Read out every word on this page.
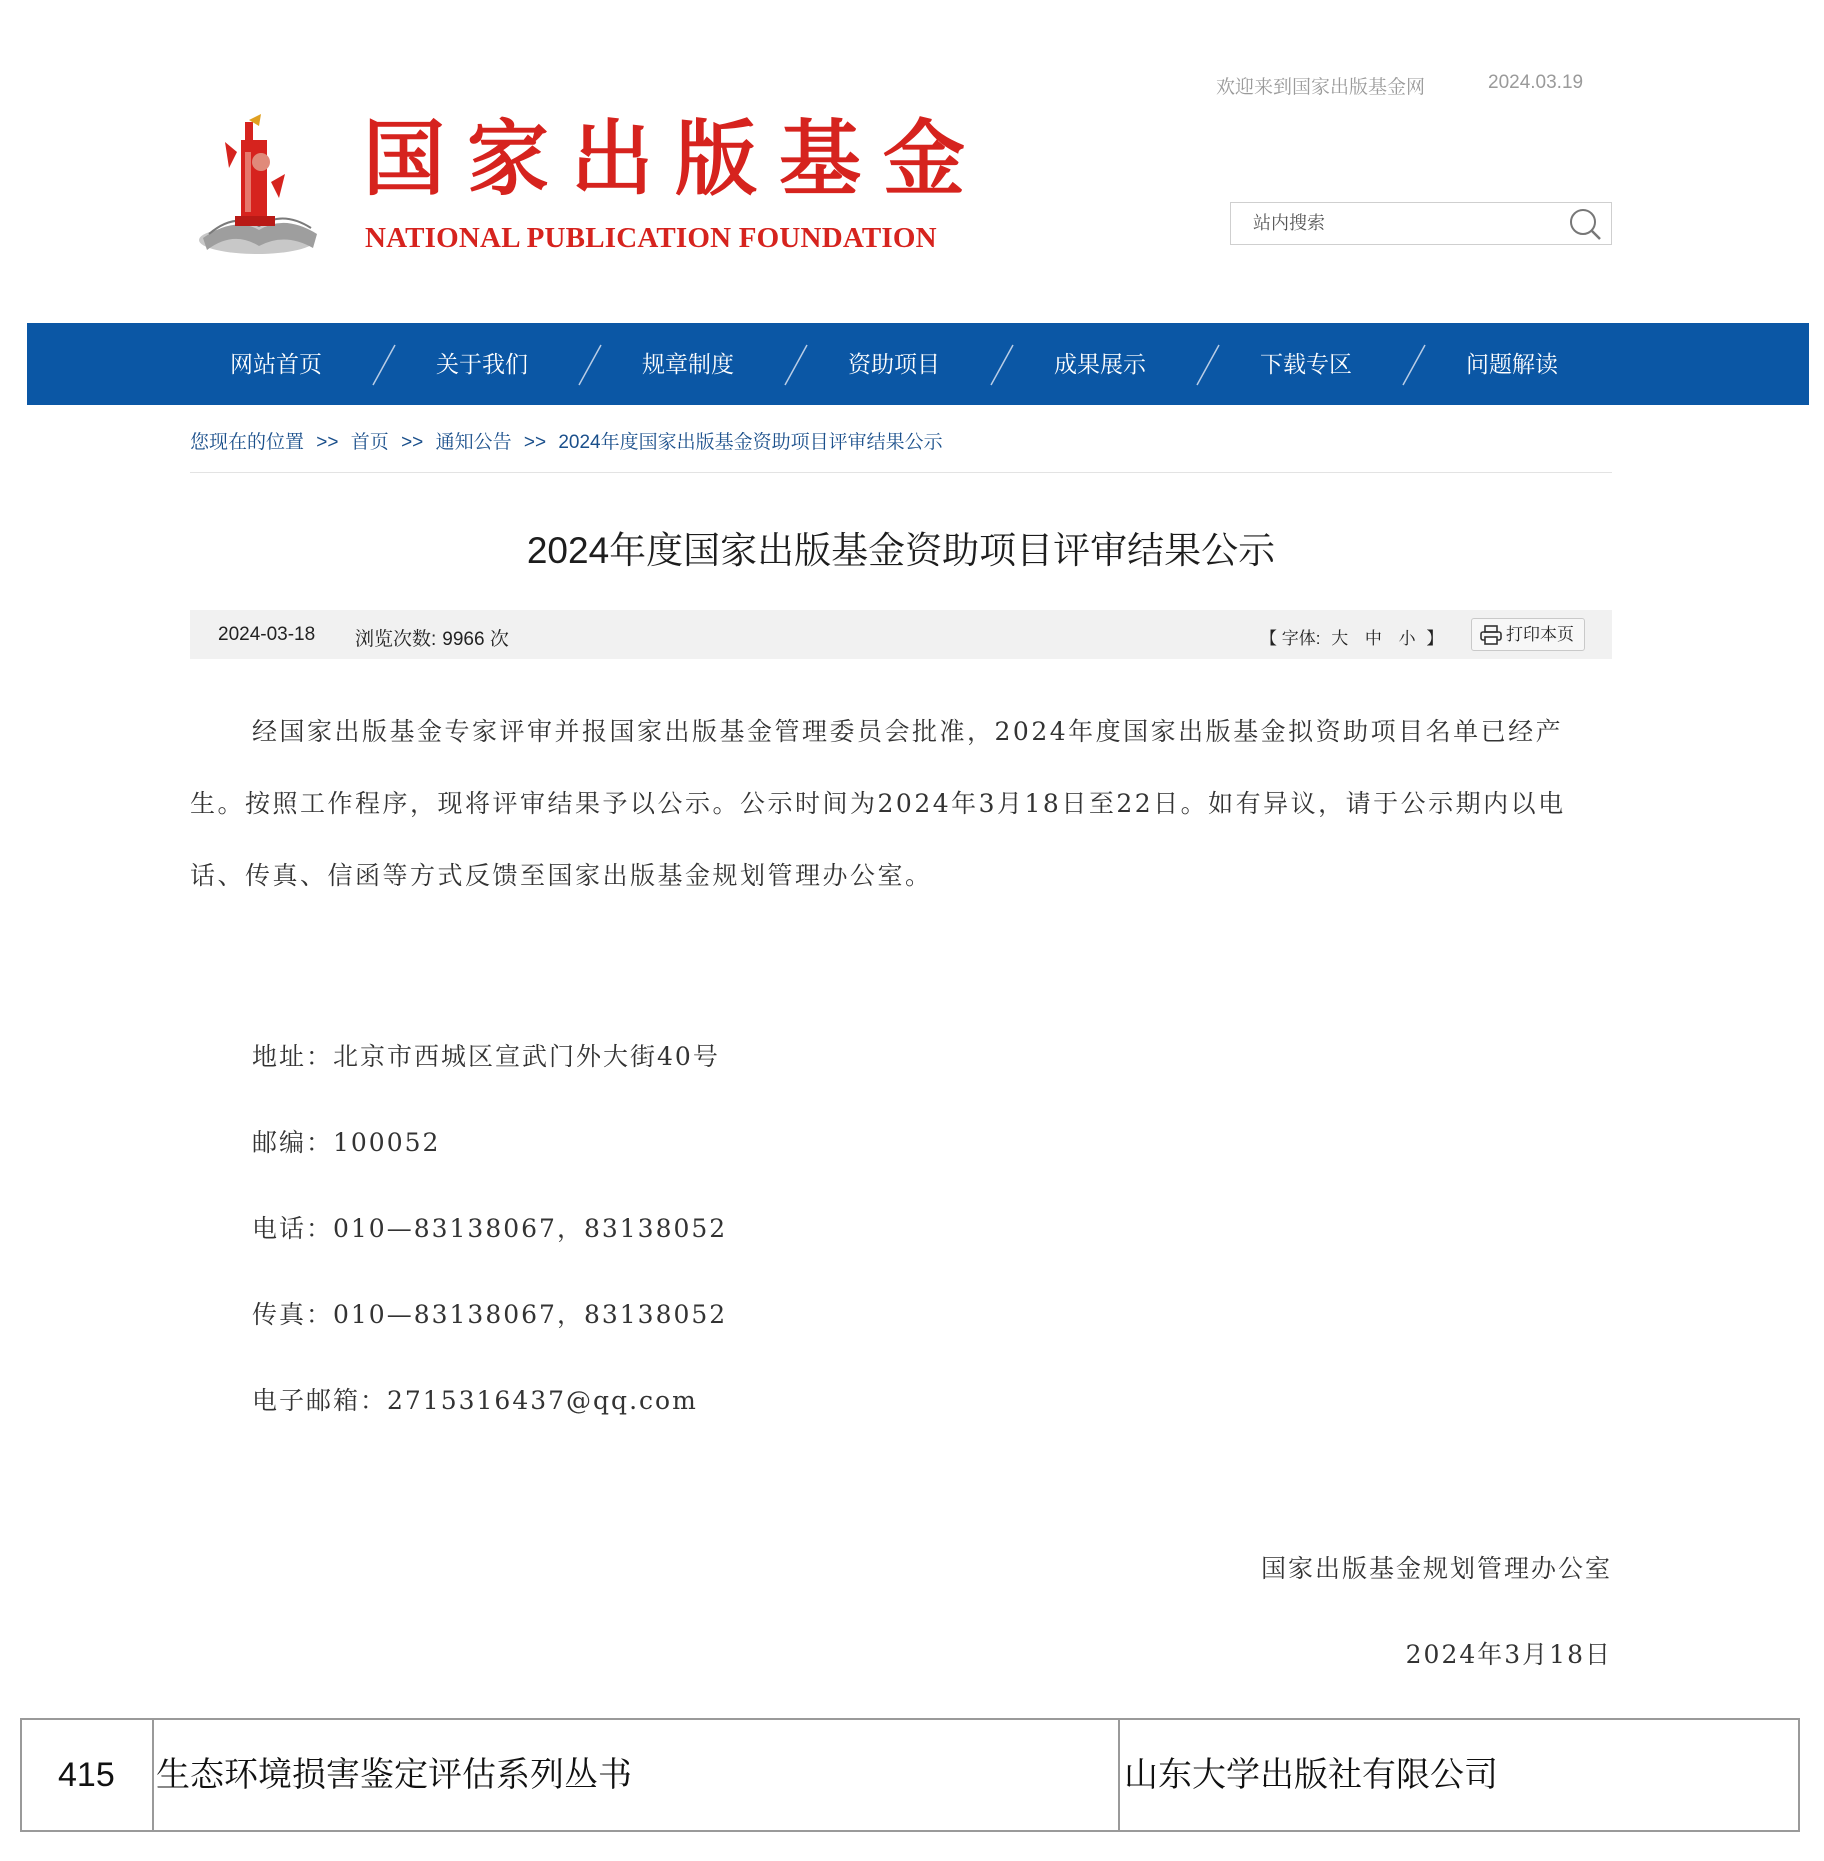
欢迎来到国家出版基金网	2024.03.19
国家出版基金
NATIONAL PUBLICATION FOUNDATION
站内搜索
网站首页	关于我们	规章制度	资助项目	成果展示	下载专区	问题解读
您现在的位置 >> 首页 >> 通知公告 >> 2024年度国家出版基金资助项目评审结果公示
2024年度国家出版基金资助项目评审结果公示
2024-03-18 浏览次数: 9966 次	【 字体: 大 中 小 】	打印本页

经国家出版基金专家评审并报国家出版基金管理委员会批准，2024年度国家出版基金拟资助项目名单已经产生。按照工作程序，现将评审结果予以公示。公示时间为2024年3月18日至22日。如有异议，请于公示期内以电话、传真、信函等方式反馈至国家出版基金规划管理办公室。

地址：北京市西城区宣武门外大街40号
邮编：100052
电话：010—83138067，83138052
传真：010—83138067，83138052
电子邮箱：2715316437@qq.com
国家出版基金规划管理办公室
2024年3月18日
415 生态环境损害鉴定评估系列丛书	山东大学出版社有限公司
